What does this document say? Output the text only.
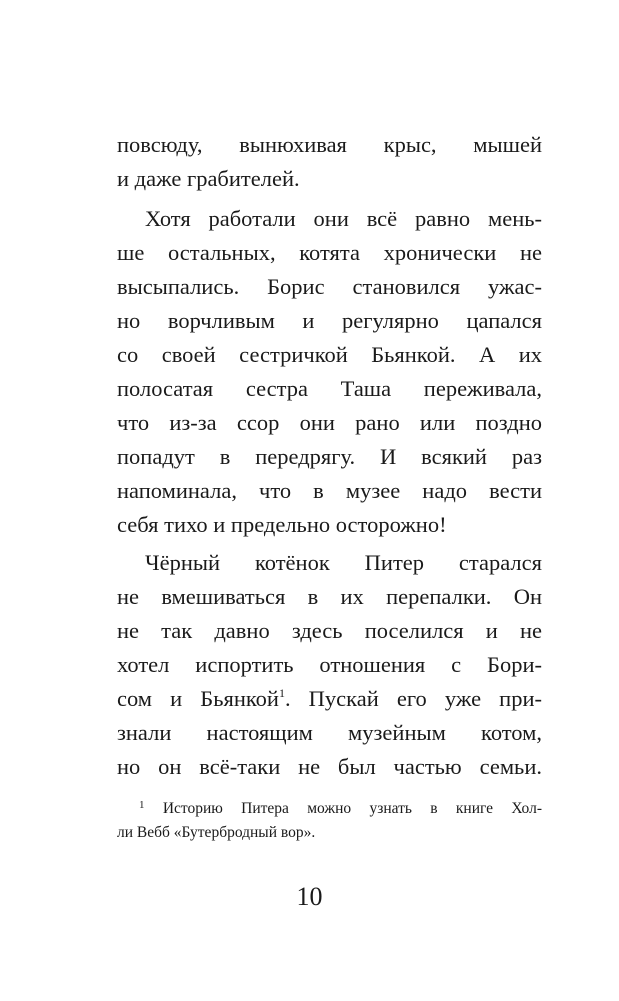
повсюду, вынюхивая крыс, мышей
и даже грабителей.
Хотя работали они всё равно мень-
ше остальных, котята хронически не
высыпались. Борис становился ужас-
но ворчливым и регулярно цапался
со своей сестричкой Бьянкой. А их
полосатая сестра Таша переживала,
что из-за ссор они рано или поздно
попадут в передрягу. И всякий раз
напоминала, что в музее надо вести
себя тихо и предельно осторожно!
Чёрный котёнок Питер старался
не вмешиваться в их перепалки. Он
не так давно здесь поселился и не
хотел испортить отношения с Бори-
сом и Бьянкой$^1$. Пускай его уже при-
знали настоящим музейным котом,
но он всё-таки не был частью семьи.
$^1$ Историю Питера можно узнать в книге Хол-
ли Вебб «Бутербродный вор».
10
